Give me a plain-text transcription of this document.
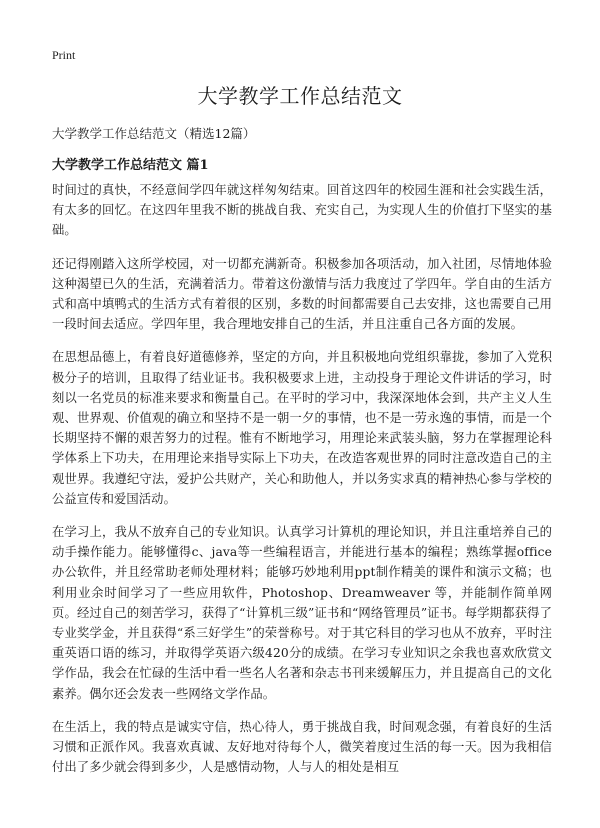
Print
大学教学工作总结范文
大学教学工作总结范文（精选12篇）
大学教学工作总结范文 篇1

时间过的真快，不经意间学四年就这样匆匆结束。回首这四年的校园生涯和社会实践生活，有太多的回忆。在这四年里我不断的挑战自我、充实自己，为实现人生的价值打下坚实的基础。

还记得刚踏入这所学校园，对一切都充满新奇。积极参加各项活动，加入社团，尽情地体验这种渴望已久的生活，充满着活力。带着这份激情与活力我度过了学四年。学自由的生活方式和高中填鸭式的生活方式有着很的区别，多数的时间都需要自己去安排，这也需要自己用一段时间去适应。学四年里，我合理地安排自己的生活，并且注重自己各方面的发展。

在思想品德上，有着良好道德修养，坚定的方向，并且积极地向党组织靠拢，参加了入党积极分子的培训，且取得了结业证书。我积极要求上进，主动投身于理论文件讲话的学习，时刻以一名党员的标准来要求和衡量自己。在平时的学习中，我深深地体会到，共产主义人生观、世界观、价值观的确立和坚持不是一朝一夕的事情，也不是一劳永逸的事情，而是一个长期坚持不懈的艰苦努力的过程。惟有不断地学习，用理论来武装头脑，努力在掌握理论科学体系上下功夫，在用理论来指导实际上下功夫，在改造客观世界的同时注意改造自己的主观世界。我遵纪守法，爱护公共财产，关心和助他人，并以务实求真的精神热心参与学校的公益宣传和爱国活动。

在学习上，我从不放弃自己的专业知识。认真学习计算机的理论知识，并且注重培养自己的动手操作能力。能够懂得c、java等一些编程语言，并能进行基本的编程；熟练掌握office 办公软件，并且经常助老师处理材料；能够巧妙地利用ppt制作精美的课件和演示文稿；也利用业余时间学习了一些应用软件，Photoshop、Dreamweaver 等，并能制作简单网页。经过自己的刻苦学习，获得了“计算机三级”证书和“网络管理员”证书。每学期都获得了专业奖学金，并且获得“系三好学生”的荣誉称号。对于其它科目的学习也从不放弃，平时注重英语口语的练习，并取得学英语六级420分的成绩。在学习专业知识之余我也喜欢欣赏文学作品，我会在忙碌的生活中看一些名人名著和杂志书刊来缓解压力，并且提高自己的文化素养。偶尔还会发表一些网络文学作品。

在生活上，我的特点是诚实守信，热心待人，勇于挑战自我，时间观念强，有着良好的生活习惯和正派作风。我喜欢真诚、友好地对待每个人，微笑着度过生活的每一天。因为我相信付出了多少就会得到多少，人是感情动物，人与人的相处是相互
